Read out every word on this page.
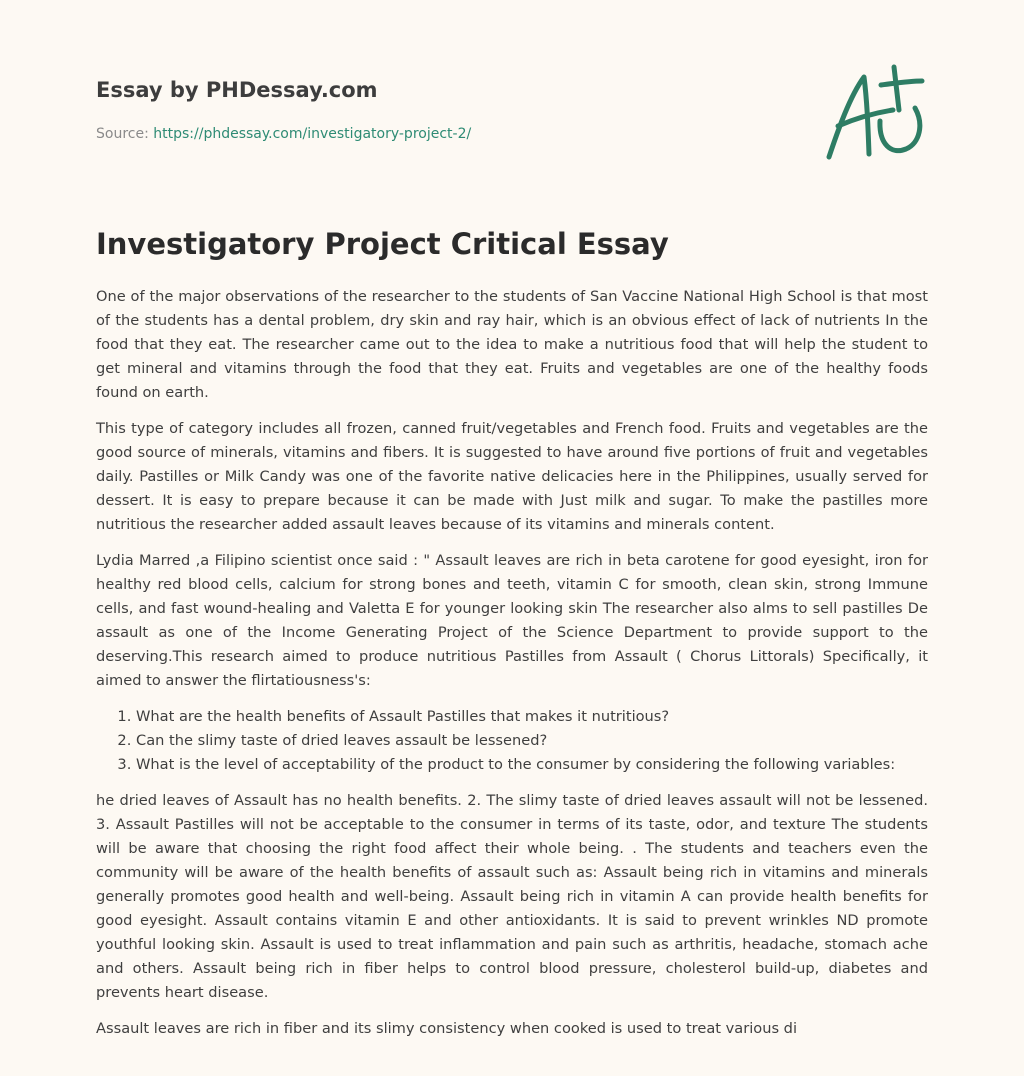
Essay by PHDessay.com
Source: https://phdessay.com/investigatory-project-2/
Investigatory Project Critical Essay

One of the major observations of the researcher to the students of San Vaccine National High School is that most of the students has a dental problem, dry skin and ray hair, which is an obvious effect of lack of nutrients In the food that they eat. The researcher came out to the idea to make a nutritious food that will help the student to get mineral and vitamins through the food that they eat. Fruits and vegetables are one of the healthy foods found on earth.

This type of category includes all frozen, canned fruit/vegetables and French food. Fruits and vegetables are the good source of minerals, vitamins and fibers. It is suggested to have around five portions of fruit and vegetables daily. Pastilles or Milk Candy was one of the favorite native delicacies here in the Philippines, usually served for dessert. It is easy to prepare because it can be made with Just milk and sugar. To make the pastilles more nutritious the researcher added assault leaves because of its vitamins and minerals content.

Lydia Marred ,a Filipino scientist once said : " Assault leaves are rich in beta carotene for good eyesight, iron for healthy red blood cells, calcium for strong bones and teeth, vitamin C for smooth, clean skin, strong Immune cells, and fast wound-healing and Valetta E for younger looking skin The researcher also alms to sell pastilles De assault as one of the Income Generating Project of the Science Department to provide support to the deserving.This research aimed to produce nutritious Pastilles from Assault ( Chorus Littorals) Specifically, it aimed to answer the flirtatiousness's:

1. What are the health benefits of Assault Pastilles that makes it nutritious?
2. Can the slimy taste of dried leaves assault be lessened?
3. What is the level of acceptability of the product to the consumer by considering the following variables:

he dried leaves of Assault has no health benefits. 2. The slimy taste of dried leaves assault will not be lessened. 3. Assault Pastilles will not be acceptable to the consumer in terms of its taste, odor, and texture The students will be aware that choosing the right food affect their whole being. . The students and teachers even the community will be aware of the health benefits of assault such as: Assault being rich in vitamins and minerals generally promotes good health and well-being. Assault being rich in vitamin A can provide health benefits for good eyesight. Assault contains vitamin E and other antioxidants. It is said to prevent wrinkles ND promote youthful looking skin. Assault is used to treat inflammation and pain such as arthritis, headache, stomach ache and others. Assault being rich in fiber helps to control blood pressure, cholesterol build-up, diabetes and prevents heart disease.

Assault leaves are rich in fiber and its slimy consistency when cooked is used to treat various di
